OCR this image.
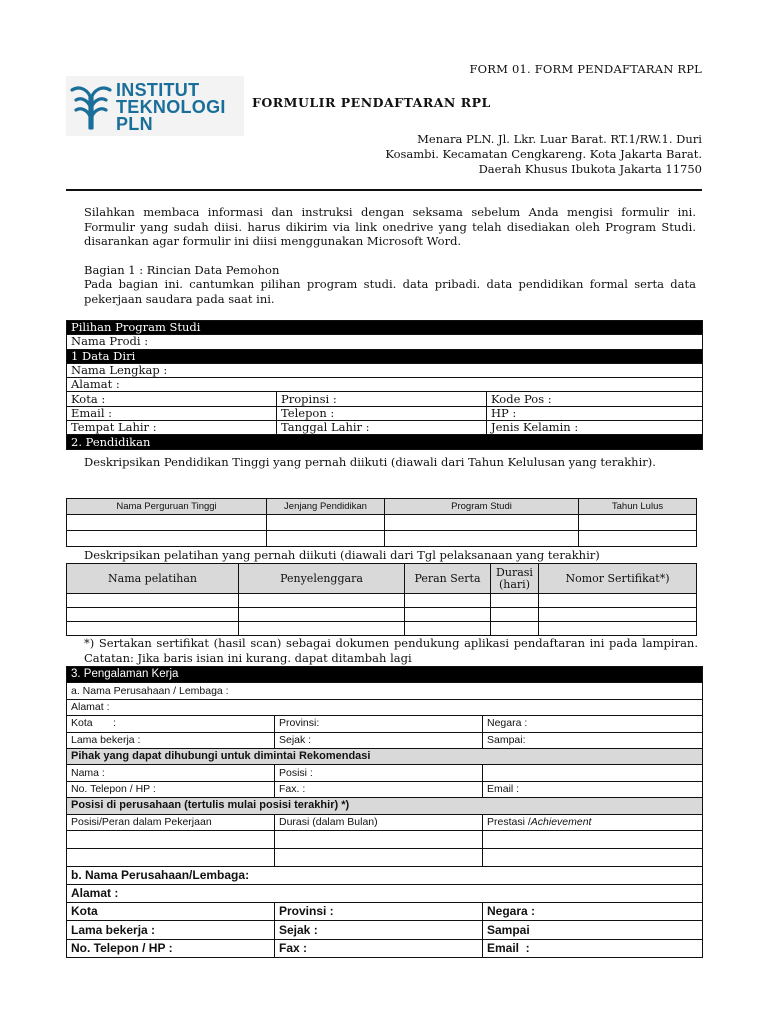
FORM 01. FORM PENDAFTARAN RPL
INSTITUT
TEKNOLOGI
PLN
FORMULIR PENDAFTARAN RPL
Menara PLN. Jl. Lkr. Luar Barat. RT.1/RW.1. Duri
Kosambi. Kecamatan Cengkareng. Kota Jakarta Barat.
Daerah Khusus Ibukota Jakarta 11750
Silahkan membaca informasi dan instruksi dengan seksama sebelum Anda mengisi formulir ini. Formulir yang sudah diisi. harus dikirim via link onedrive yang telah disediakan oleh Program Studi. disarankan agar formulir ini diisi menggunakan Microsoft Word.
Bagian 1 : Rincian Data Pemohon
Pada bagian ini. cantumkan pilihan program studi. data pribadi. data pendidikan formal serta data pekerjaan saudara pada saat ini.
Pilihan Program Studi		
Nama Prodi :		
1 Data Diri		
Nama Lengkap :		
Alamat :		
Kota :	Propinsi :	Kode Pos :
Email :	Telepon :	HP :
Tempat Lahir :	Tanggal Lahir :	Jenis Kelamin :
2. Pendidikan		
Deskripsikan Pendidikan Tinggi yang pernah diikuti (diawali dari Tahun Kelulusan yang terakhir).
Nama Perguruan Tinggi	Jenjang Pendidikan	Program Studi	Tahun Lulus

Deskripsikan pelatihan yang pernah diikuti (diawali dari Tgl pelaksanaan yang terakhir)
Nama pelatihan	Penyelenggara	Peran Serta	Durasi (hari)	Nomor Sertifikat*)

*) Sertakan sertifikat (hasil scan) sebagai dokumen pendukung aplikasi pendaftaran ini pada lampiran. Catatan: Jika baris isian ini kurang. dapat ditambah lagi
3. Pengalaman Kerja		
a. Nama Perusahaan / Lembaga :		
Alamat :		
Kota       :	Provinsi:	Negara :
Lama bekerja :	Sejak :	Sampai:
Pihak yang dapat dihubungi untuk dimintai Rekomendasi		
Nama :	Posisi :	
No. Telepon / HP :	Fax. :	Email :
Posisi di perusahaan (tertulis mulai posisi terakhir) *)		
Posisi/Peran dalam Pekerjaan	Durasi (dalam Bulan)	Prestasi /Achievement

b. Nama Perusahaan/Lembaga:		
Alamat :		
Kota	Provinsi :	Negara :
Lama bekerja :	Sejak :	Sampai
No. Telepon / HP :	Fax :	Email  :
